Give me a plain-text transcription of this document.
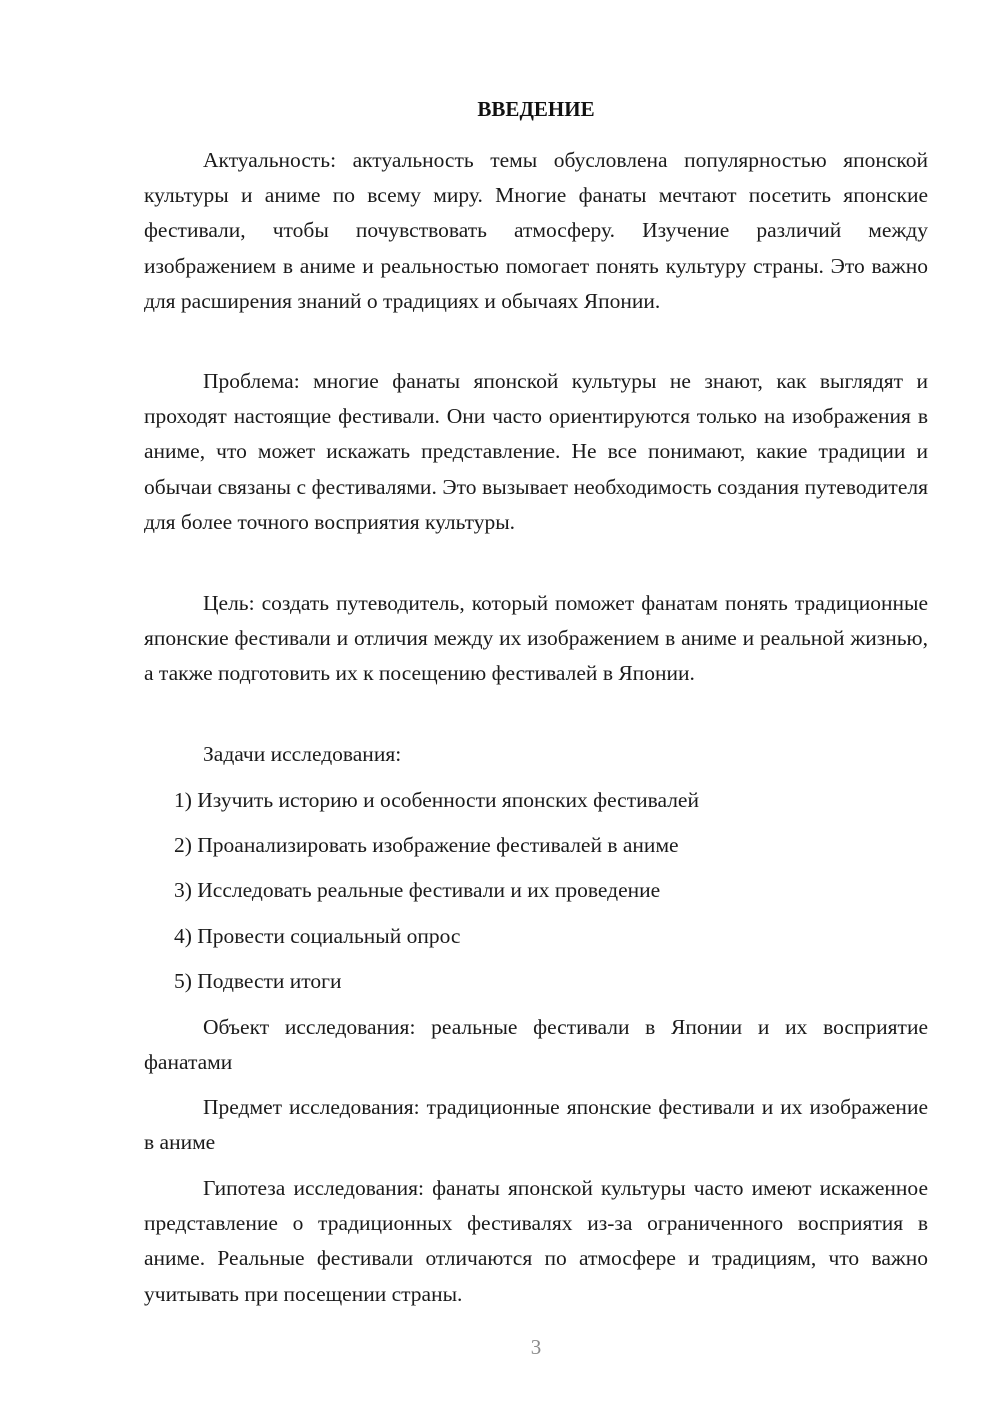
ВВЕДЕНИЕ

Актуальность: актуальность темы обусловлена популярностью японской культуры и аниме по всему миру. Многие фанаты мечтают посетить японские фестивали, чтобы почувствовать атмосферу. Изучение различий между изображением в аниме и реальностью помогает понять культуру страны. Это важно для расширения знаний о традициях и обычаях Японии.

Проблема: многие фанаты японской культуры не знают, как выглядят и проходят настоящие фестивали. Они часто ориентируются только на изображения в аниме, что может искажать представление. Не все понимают, какие традиции и обычаи связаны с фестивалями. Это вызывает необходимость создания путеводителя для более точного восприятия культуры.

Цель: создать путеводитель, который поможет фанатам понять традиционные японские фестивали и отличия между их изображением в аниме и реальной жизнью, а также подготовить их к посещению фестивалей в Японии.

Задачи исследования:

1) Изучить историю и особенности японских фестивалей

2) Проанализировать изображение фестивалей в аниме

3) Исследовать реальные фестивали и их проведение

4) Провести социальный опрос

5) Подвести итоги

Объект исследования: реальные фестивали в Японии и их восприятие фанатами

Предмет исследования: традиционные японские фестивали и их изображение в аниме

Гипотеза исследования: фанаты японской культуры часто имеют искаженное представление о традиционных фестивалях из-за ограниченного восприятия в аниме. Реальные фестивали отличаются по атмосфере и традициям, что важно учитывать при посещении страны.

3
